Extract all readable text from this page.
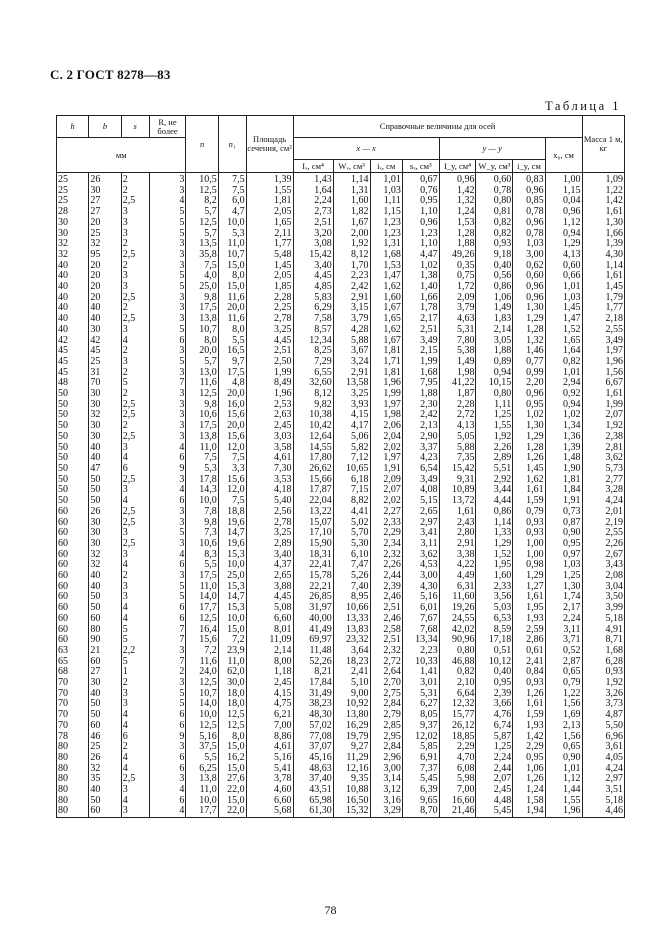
С. 2 ГОСТ 8278—83
Таблица 1
h	b	s	R, не более	n	n₁	Площадь сечения, см²	Справочные величины для осей								Масса 1 м, кг
мм							x — x				y — y			x₀, см	
							Iₓ, см⁴	Wₓ, см³	iₓ, см	sₓ, см³	I_y, см⁴	W_y, см³	i_y, см		
25	26	2	3	10,5	7,5	1,39	1,43	1,14	1,01	0,67	0,96	0,60	0,83	1,00	1,09
25	30	2	3	12,5	7,5	1,55	1,64	1,31	1,03	0,76	1,42	0,78	0,96	1,15	1,22
25	27	2,5	4	8,2	6,0	1,81	2,24	1,60	1,11	0,95	1,32	0,80	0,85	0,04	1,42
28	27	3	5	5,7	4,7	2,05	2,73	1,82	1,15	1,10	1,24	0,81	0,78	0,96	1,61
30	20	3	5	12,5	10,0	1,65	2,51	1,67	1,23	0,96	1,53	0,82	0,96	1,12	1,30
30	25	3	5	5,7	5,3	2,11	3,20	2,00	1,23	1,23	1,28	0,82	0,78	0,94	1,66
32	32	2	3	13,5	11,0	1,77	3,08	1,92	1,31	1,10	1,88	0,93	1,03	1,29	1,39
32	95	2,5	3	35,8	10,7	5,48	15,42	8,12	1,68	4,47	49,26	9,18	3,00	4,13	4,30
40	20	2	3	7,5	15,0	1,45	3,40	1,70	1,53	1,02	0,35	0,40	0,62	0,60	1,14
40	20	3	5	4,0	8,0	2,05	4,45	2,23	1,47	1,38	0,75	0,56	0,60	0,66	1,61
40	20	3	5	25,0	15,0	1,85	4,85	2,42	1,62	1,40	1,72	0,86	0,96	1,01	1,45
40	20	2,5	3	9,8	11,6	2,28	5,83	2,91	1,60	1,66	2,09	1,06	0,96	1,03	1,79
40	40	2	3	17,5	20,0	2,25	6,29	3,15	1,67	1,78	3,79	1,49	1,30	1,45	1,77
40	40	2,5	3	13,8	11,6	2,78	7,58	3,79	1,65	2,17	4,63	1,83	1,29	1,47	2,18
40	30	3	5	10,7	8,0	3,25	8,57	4,28	1,62	2,51	5,31	2,14	1,28	1,52	2,55
42	42	4	6	8,0	5,5	4,45	12,34	5,88	1,67	3,49	7,80	3,05	1,32	1,65	3,49
45	45	2	3	20,0	16,5	2,51	8,25	3,67	1,81	2,15	5,38	1,88	1,46	1,64	1,97
45	25	3	5	5,7	9,7	2,50	7,29	3,24	1,71	1,99	1,49	0,89	0,77	0,82	1,96
45	31	2	3	13,0	17,5	1,99	6,55	2,91	1,81	1,68	1,98	0,94	0,99	1,01	1,56
48	70	5	7	11,6	4,8	8,49	32,60	13,58	1,96	7,95	41,22	10,15	2,20	2,94	6,67
50	30	2	3	12,5	20,0	1,96	8,12	3,25	1,99	1,88	1,87	0,80	0,96	0,92	1,61
50	30	2,5	3	9,8	16,0	2,53	9,82	3,93	1,97	2,30	2,28	1,11	0,95	0,94	1,99
50	32	2,5	3	10,6	15,6	2,63	10,38	4,15	1,98	2,42	2,72	1,25	1,02	1,02	2,07
50	30	2	3	17,5	20,0	2,45	10,42	4,17	2,06	2,13	4,13	1,55	1,30	1,34	1,92
50	30	2,5	3	13,8	15,6	3,03	12,64	5,06	2,04	2,90	5,05	1,92	1,29	1,36	2,38
50	40	3	4	11,0	12,0	3,58	14,55	5,82	2,02	3,37	5,88	2,26	1,28	1,39	2,81
50	40	4	6	7,5	7,5	4,61	17,80	7,12	1,97	4,23	7,35	2,89	1,26	1,48	3,62
50	47	6	9	5,3	3,3	7,30	26,62	10,65	1,91	6,54	15,42	5,51	1,45	1,90	5,73
50	50	2,5	3	17,8	15,6	3,53	15,66	6,18	2,09	3,49	9,31	2,92	1,62	1,81	2,77
50	50	3	4	14,3	12,0	4,18	17,87	7,15	2,07	4,08	10,89	3,44	1,61	1,84	3,28
50	50	4	6	10,0	7,5	5,40	22,04	8,82	2,02	5,15	13,72	4,44	1,59	1,91	4,24
60	26	2,5	3	7,8	18,8	2,56	13,22	4,41	2,27	2,65	1,61	0,86	0,79	0,73	2,01
60	30	2,5	3	9,8	19,6	2,78	15,07	5,02	2,33	2,97	2,43	1,14	0,93	0,87	2,19
60	30	3	5	7,3	14,7	3,25	17,10	5,70	2,29	3,41	2,80	1,33	0,93	0,90	2,55
60	30	2,5	3	10,6	19,6	2,89	15,90	5,30	2,34	3,11	2,91	1,29	1,00	0,95	2,26
60	32	3	4	8,3	15,3	3,40	18,31	6,10	2,32	3,62	3,38	1,52	1,00	0,97	2,67
60	32	4	6	5,5	10,0	4,37	22,41	7,47	2,26	4,53	4,22	1,95	0,98	1,03	3,43
60	40	2	3	17,5	25,0	2,65	15,78	5,26	2,44	3,00	4,49	1,60	1,29	1,25	2,08
60	40	3	5	11,0	15,3	3,88	22,21	7,40	2,39	4,30	6,31	2,33	1,27	1,30	3,04
60	50	3	5	14,0	14,7	4,45	26,85	8,95	2,46	5,16	11,60	3,56	1,61	1,74	3,50
60	50	4	6	17,7	15,3	5,08	31,97	10,66	2,51	6,01	19,26	5,03	1,95	2,17	3,99
60	60	4	6	12,5	10,0	6,60	40,00	13,33	2,46	7,67	24,55	6,53	1,93	2,24	5,18
60	80	5	7	16,4	15,0	8,01	41,49	13,83	2,58	7,68	42,02	8,59	2,59	3,11	4,91
60	90	5	7	15,6	7,2	11,09	69,97	23,32	2,51	13,34	90,96	17,18	2,86	3,71	8,71
63	21	2,2	3	7,2	23,9	2,14	11,48	3,64	2,32	2,23	0,80	0,51	0,61	0,52	1,68
65	60	5	7	11,6	11,0	8,00	52,26	18,23	2,72	10,33	46,88	10,12	2,41	2,87	6,28
68	27	1	2	24,0	62,0	1,18	8,21	2,41	2,64	1,41	0,82	0,40	0,84	0,65	0,93
70	30	2	3	12,5	30,0	2,45	17,84	5,10	2,70	3,01	2,10	0,95	0,93	0,79	1,92
70	40	3	5	10,7	18,0	4,15	31,49	9,00	2,75	5,31	6,64	2,39	1,26	1,22	3,26
70	50	3	5	14,0	18,0	4,75	38,23	10,92	2,84	6,27	12,32	3,66	1,61	1,56	3,73
70	50	4	6	10,0	12,5	6,21	48,30	13,80	2,79	8,05	15,77	4,76	1,59	1,69	4,87
70	60	4	6	12,5	12,5	7,00	57,02	16,29	2,85	9,37	26,12	6,74	1,93	2,13	5,50
78	46	6	9	5,16	8,0	8,86	77,08	19,79	2,95	12,02	18,85	5,87	1,42	1,56	6,96
80	25	2	3	37,5	15,0	4,61	37,07	9,27	2,84	5,85	2,29	1,25	2,29	0,65	3,61
80	26	4	6	5,5	16,2	5,16	45,16	11,29	2,96	6,91	4,70	2,24	0,95	0,90	4,05
80	32	4	6	6,25	15,0	5,41	48,63	12,16	3,00	7,37	6,08	2,44	1,06	1,01	4,24
80	35	2,5	3	13,8	27,6	3,78	37,40	9,35	3,14	5,45	5,98	2,07	1,26	1,12	2,97
80	40	3	4	11,0	22,0	4,60	43,51	10,88	3,12	6,39	7,00	2,45	1,24	1,44	3,51
80	50	4	6	10,0	15,0	6,60	65,98	16,50	3,16	9,65	16,60	4,48	1,58	1,55	5,18
80	60	3	4	17,7	22,0	5,68	61,30	15,32	3,29	8,70	21,46	5,45	1,94	1,96	4,46
78
